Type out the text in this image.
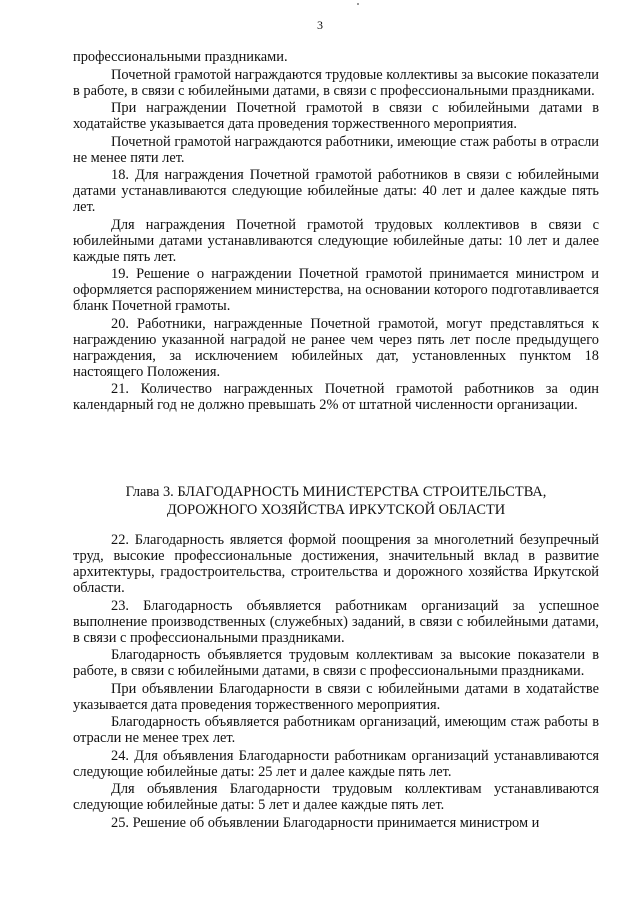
3

профессиональными праздниками.

Почетной грамотой награждаются трудовые коллективы за высокие показатели в работе, в связи с юбилейными датами, в связи с профессиональными праздниками.

При награждении Почетной грамотой в связи с юбилейными датами в ходатайстве указывается дата проведения торжественного мероприятия.

Почетной грамотой награждаются работники, имеющие стаж работы в отрасли не менее пяти лет.

18. Для награждения Почетной грамотой работников в связи с юбилейными датами устанавливаются следующие юбилейные даты: 40 лет и далее каждые пять лет.

Для награждения Почетной грамотой трудовых коллективов в связи с юбилейными датами устанавливаются следующие юбилейные даты: 10 лет и далее каждые пять лет.

19. Решение о награждении Почетной грамотой принимается министром и оформляется распоряжением министерства, на основании которого подготавливается бланк Почетной грамоты.

20. Работники, награжденные Почетной грамотой, могут представляться к награждению указанной наградой не ранее чем через пять лет после предыдущего награждения, за исключением юбилейных дат, установленных пунктом 18 настоящего Положения.

21. Количество награжденных Почетной грамотой работников за один календарный год не должно превышать 2% от штатной численности организации.

Глава 3. БЛАГОДАРНОСТЬ МИНИСТЕРСТВА СТРОИТЕЛЬСТВА,
ДОРОЖНОГО ХОЗЯЙСТВА ИРКУТСКОЙ ОБЛАСТИ

22. Благодарность является формой поощрения за многолетний безупречный труд, высокие профессиональные достижения, значительный вклад в развитие архитектуры, градостроительства, строительства и дорожного хозяйства Иркутской области.

23. Благодарность объявляется работникам организаций за успешное выполнение производственных (служебных) заданий, в связи с юбилейными датами, в связи с профессиональными праздниками.

Благодарность объявляется трудовым коллективам за высокие показатели в работе, в связи с юбилейными датами, в связи с профессиональными праздниками.

При объявлении Благодарности в связи с юбилейными датами в ходатайстве указывается дата проведения торжественного мероприятия.

Благодарность объявляется работникам организаций, имеющим стаж работы в отрасли не менее трех лет.

24. Для объявления Благодарности работникам организаций устанавливаются следующие юбилейные даты: 25 лет и далее каждые пять лет.

Для объявления Благодарности трудовым коллективам устанавливаются следующие юбилейные даты: 5 лет и далее каждые пять лет.

25. Решение об объявлении Благодарности принимается министром и
